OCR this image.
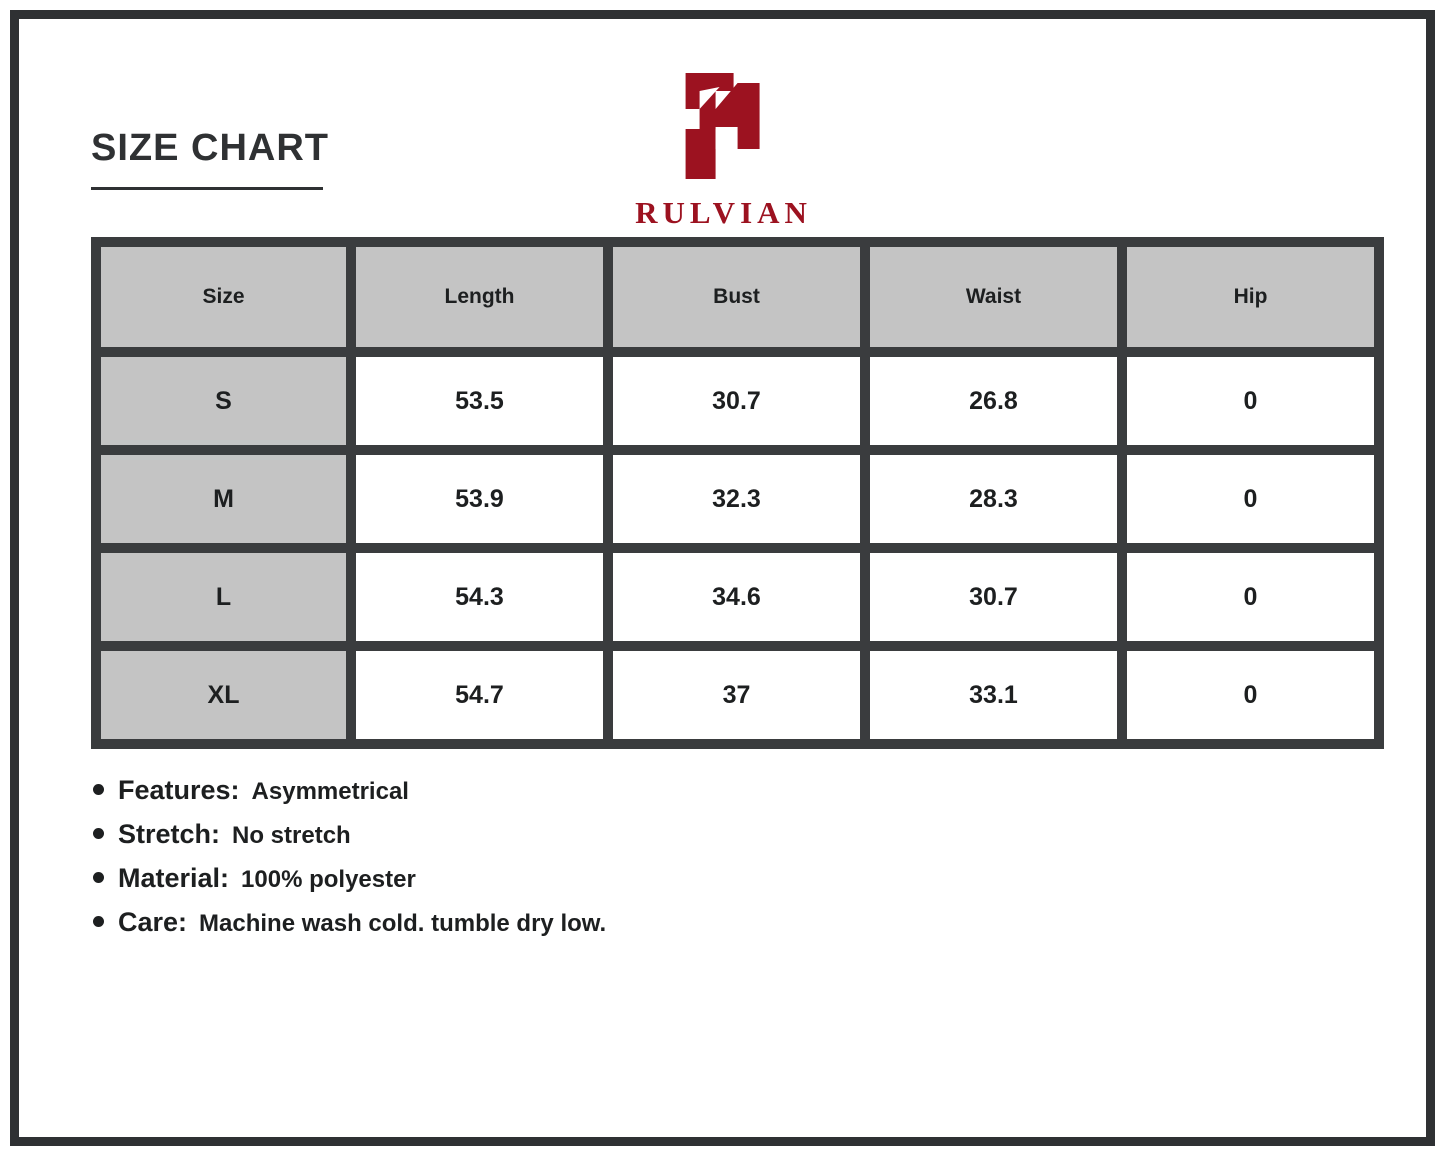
SIZE CHART
RULVIAN
Size	Length	Bust	Waist	Hip
S	53.5	30.7	26.8	0
M	53.9	32.3	28.3	0
L	54.3	34.6	30.7	0
XL	54.7	37	33.1	0
Features: Asymmetrical
Stretch: No stretch
Material: 100% polyester
Care: Machine wash cold. tumble dry low.
